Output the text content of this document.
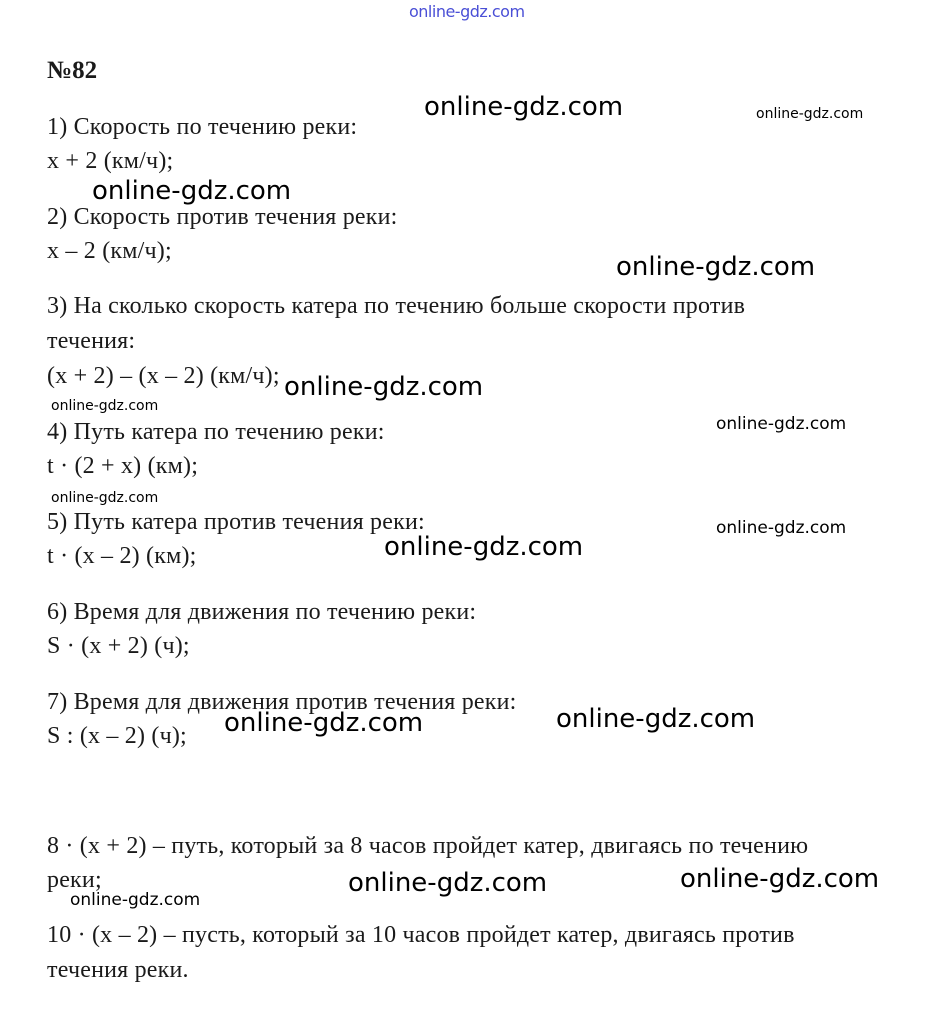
online-gdz.com
№82
1) Скорость по течению реки:
x + 2 (км/ч);
2) Скорость против течения реки:
x – 2 (км/ч);
3) На сколько скорость катера по течению больше скорости против
течения:
(x + 2) – (x – 2) (км/ч);
4) Путь катера по течению реки:
t · (2 + x) (км);
5) Путь катера против течения реки:
t · (x – 2) (км);
6) Время для движения по течению реки:
S · (x + 2) (ч);
7) Время для движения против течения реки:
S : (x – 2) (ч);
8 · (x + 2) – путь, который за 8 часов пройдет катер, двигаясь по течению
реки;
10 · (x – 2) – пусть, который за 10 часов пройдет катер, двигаясь против
течения реки.
online-gdz.com	online-gdz.com
online-gdz.com
online-gdz.com
online-gdz.com
online-gdz.com
online-gdz.com
online-gdz.com
online-gdz.com
online-gdz.com
online-gdz.com
online-gdz.com
online-gdz.com
online-gdz.com
online-gdz.com
